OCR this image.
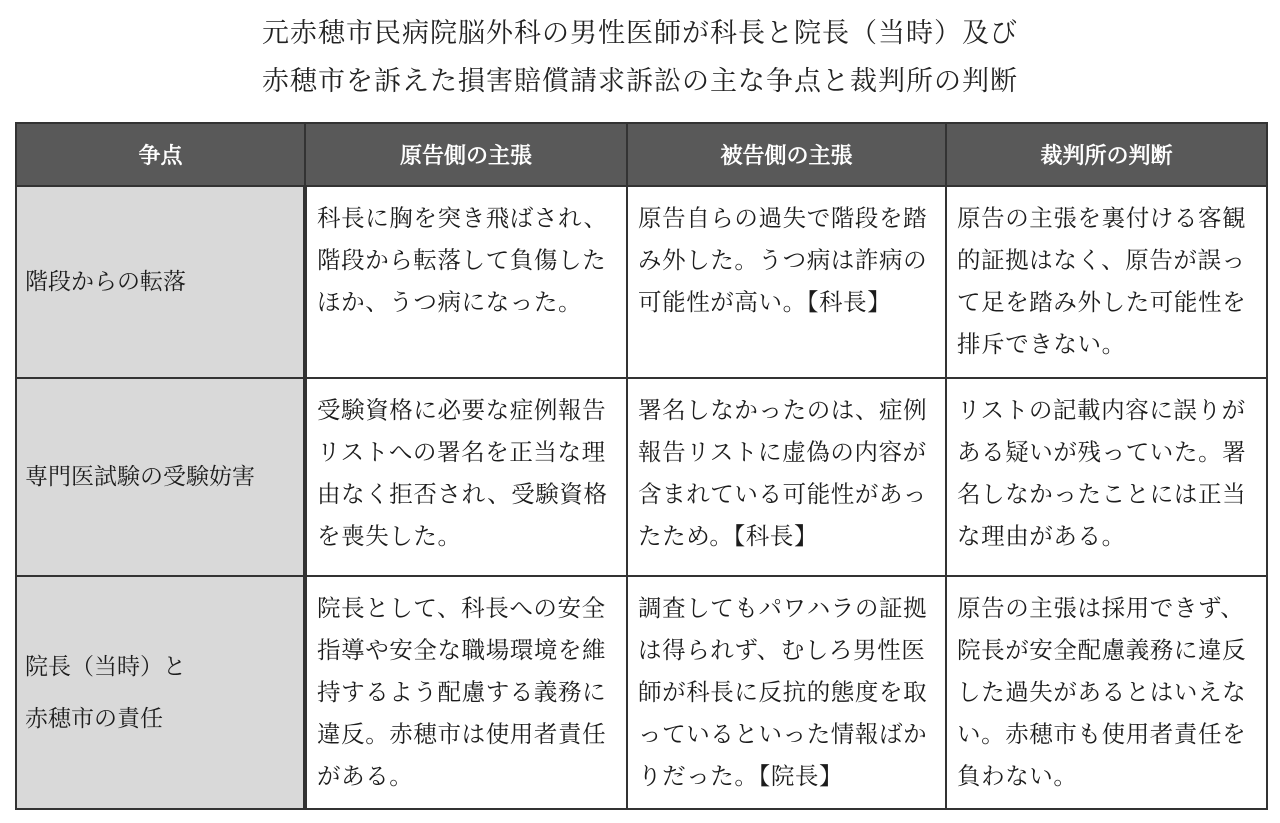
元赤穂市民病院脳外科の男性医師が科長と院長（当時）及び
赤穂市を訴えた損害賠償請求訴訟の主な争点と裁判所の判断
争点	原告側の主張	被告側の主張	裁判所の判断
階段からの転落	科長に胸を突き飛ばされ、階段から転落して負傷したほか、うつ病になった。	原告自らの過失で階段を踏み外した。うつ病は詐病の可能性が高い。【科長】	原告の主張を裏付ける客観的証拠はなく、原告が誤って足を踏み外した可能性を排斥できない。
専門医試験の受験妨害	受験資格に必要な症例報告リストへの署名を正当な理由なく拒否され、受験資格を喪失した。	署名しなかったのは、症例報告リストに虚偽の内容が含まれている可能性があったため。【科長】	リストの記載内容に誤りがある疑いが残っていた。署名しなかったことには正当な理由がある。

院長（当時）と
赤穂市の責任	院長として、科長への安全指導や安全な職場環境を維持するよう配慮する義務に違反。赤穂市は使用者責任がある。	調査してもパワハラの証拠は得られず、むしろ男性医師が科長に反抗的態度を取っているといった情報ばかりだった。【院長】	原告の主張は採用できず、院長が安全配慮義務に違反した過失があるとはいえない。赤穂市も使用者責任を負わない。
